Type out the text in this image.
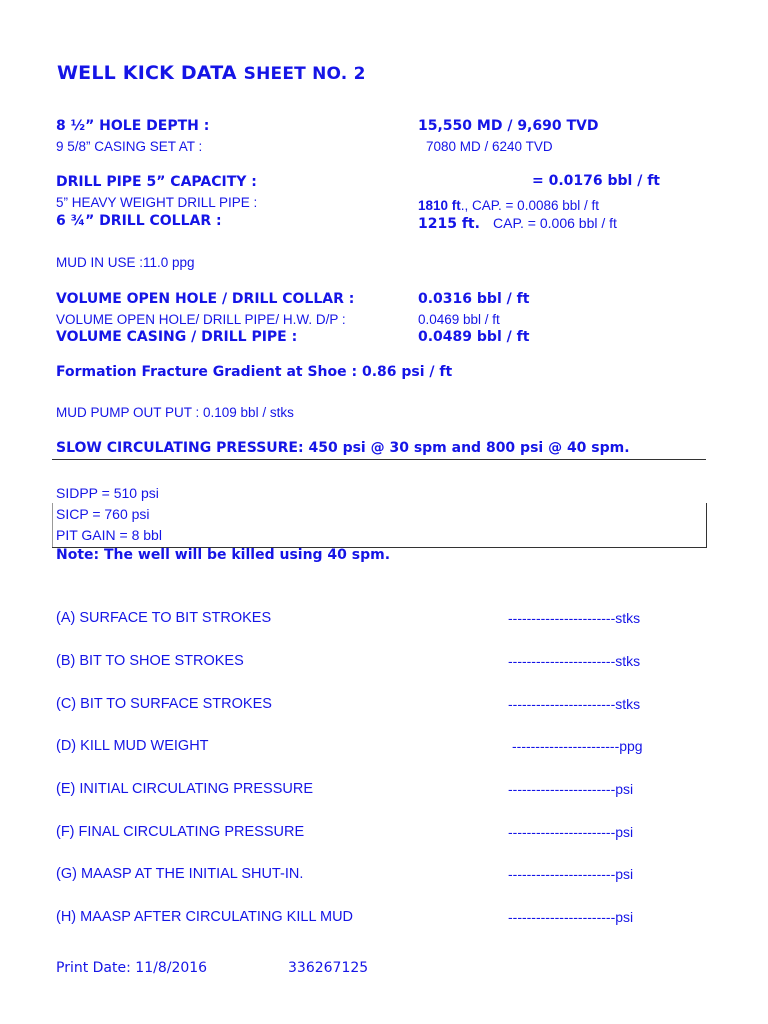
WELL KICK DATA SHEET NO. 2
8 ½” HOLE DEPTH :	15,550 MD / 9,690 TVD
9 5/8” CASING SET AT :	7080 MD / 6240 TVD
DRILL PIPE 5” CAPACITY :	= 0.0176 bbl / ft
5” HEAVY WEIGHT DRILL PIPE :	1810 ft., CAP. = 0.0086 bbl / ft
6 ¾” DRILL COLLAR :	1215 ft. CAP. = 0.006 bbl / ft
MUD IN USE :11.0 ppg
VOLUME OPEN HOLE / DRILL COLLAR :	0.0316 bbl / ft
VOLUME OPEN HOLE/ DRILL PIPE/ H.W. D/P :	0.0469 bbl / ft
VOLUME CASING / DRILL PIPE :	0.0489 bbl / ft
Formation Fracture Gradient at Shoe : 0.86 psi / ft
MUD PUMP OUT PUT : 0.109 bbl / stks
SLOW CIRCULATING PRESSURE: 450 psi @ 30 spm and 800 psi @ 40 spm.
SIDPP = 510 psi
SICP = 760 psi
PIT GAIN = 8 bbl
Note: The well will be killed using 40 spm.
(A) SURFACE TO BIT STROKES	-----------------------stks
(B) BIT TO SHOE STROKES	-----------------------stks
(C) BIT TO SURFACE STROKES	-----------------------stks
(D) KILL MUD WEIGHT	-----------------------ppg
(E) INITIAL CIRCULATING PRESSURE	-----------------------psi
(F) FINAL CIRCULATING PRESSURE	-----------------------psi
(G) MAASP AT THE INITIAL SHUT-IN.	-----------------------psi
(H) MAASP AFTER CIRCULATING KILL MUD	-----------------------psi
Print Date: 11/8/2016	336267125
